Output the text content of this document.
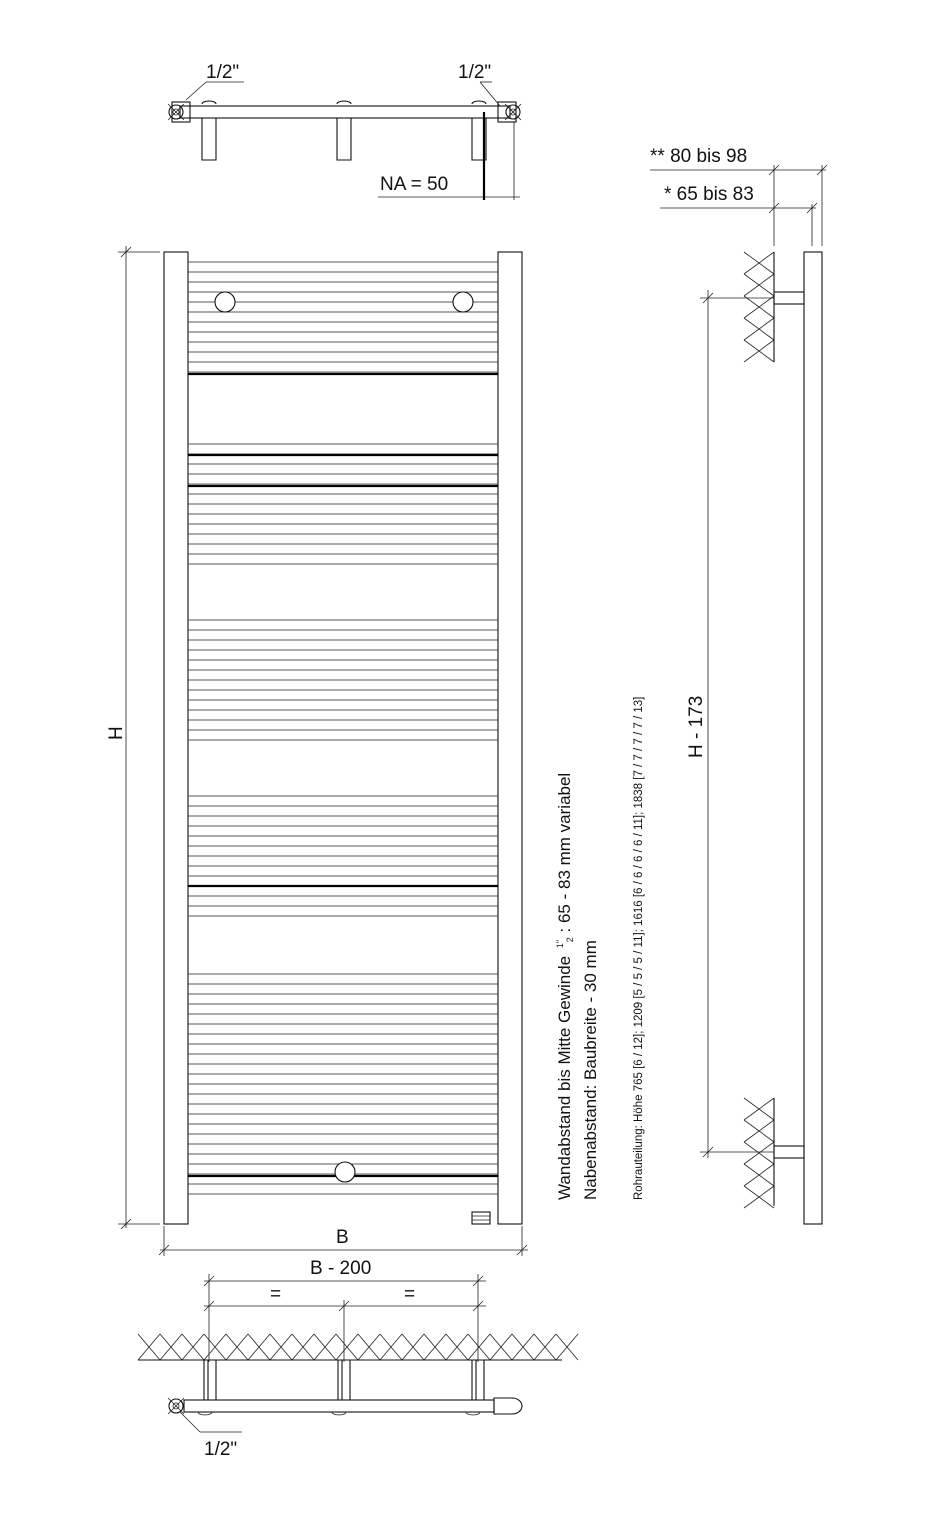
1/2"	1/2"
NA = 50
H
B
B - 200
=	=
1/2"
** 80 bis 98
* 65 bis 83
H - 173
Wandabstand bis Mitte Gewinde $^{1"}$ 2 : 65 - 83 mm variabel
Nabenabstand: Baubreite - 30 mm	Rohrauteilung: Höhe 765 [6 / 12]; 1209 [5 / 5 / 5 / 11]; 1616 [6 / 6 / 6 / 6 / 11]; 1838 [7 / 7 / 7 / 7 / 13]
